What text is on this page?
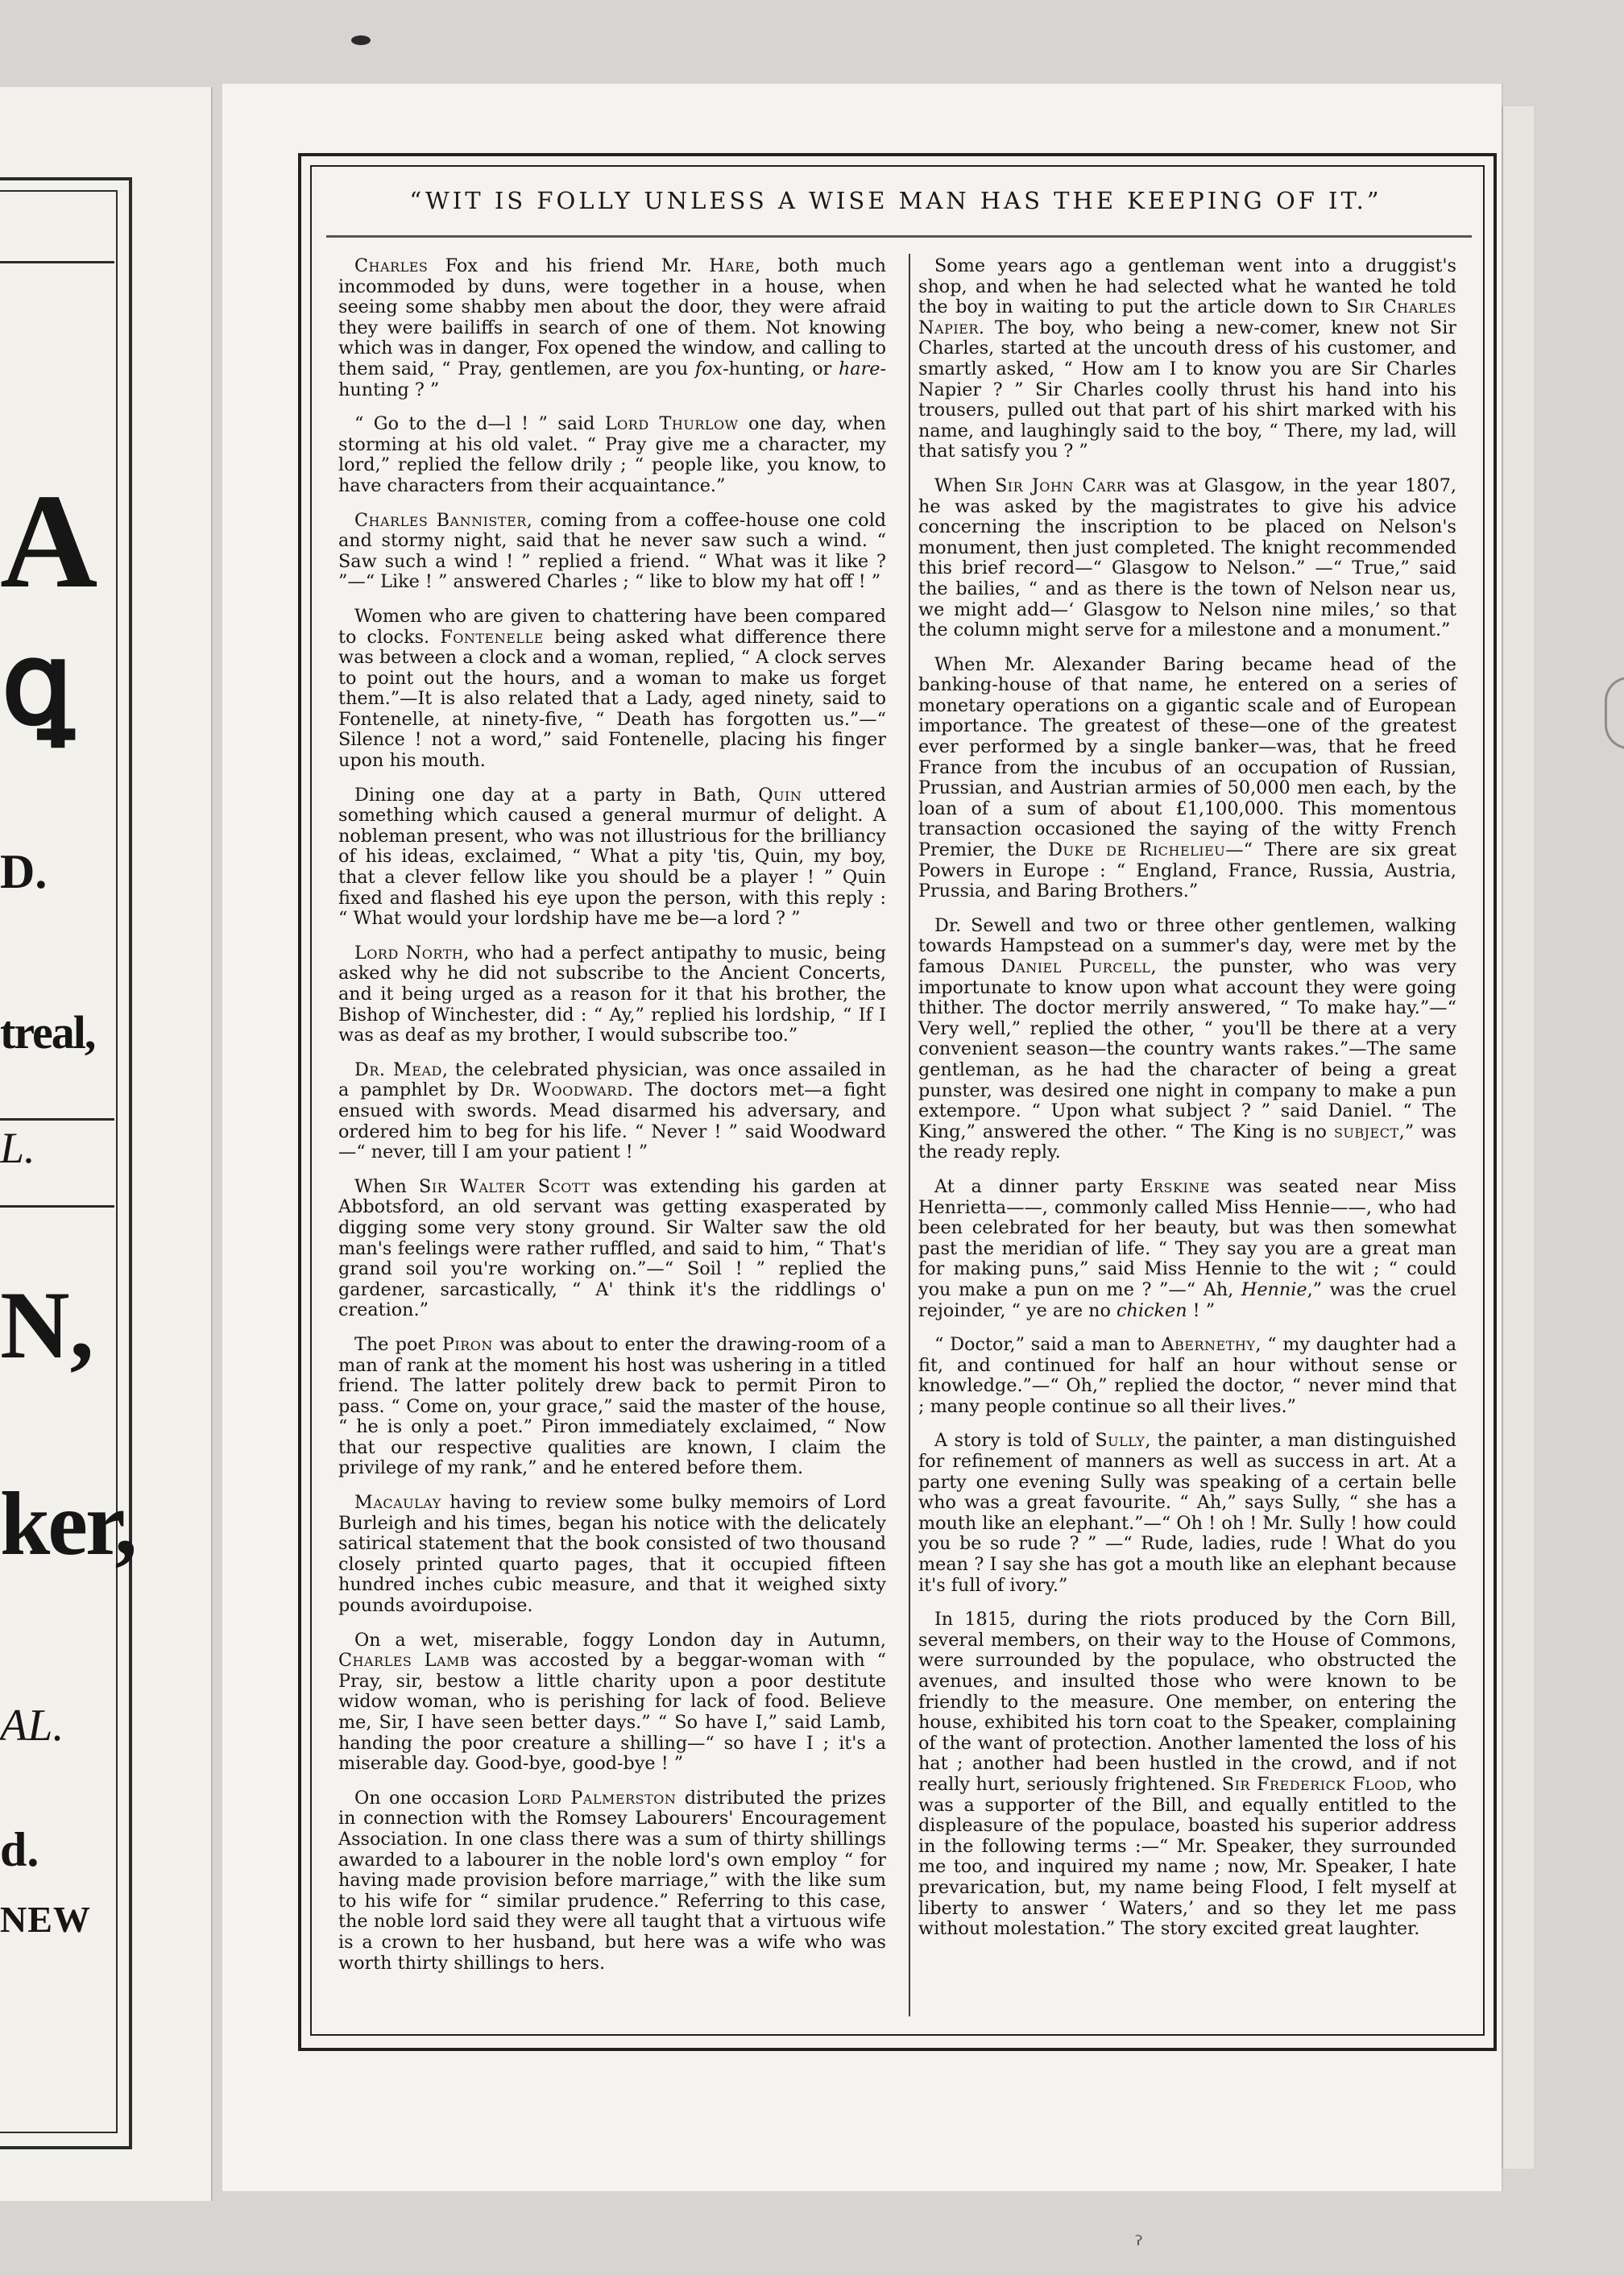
A
ꝗ
D.
treal,
L.
N,
ker,
AL.
d.
NEW
“WIT IS FOLLY UNLESS A WISE MAN HAS THE KEEPING OF IT.”

Charles Fox and his friend Mr. Hare, both much incommoded by duns, were together in a house, when seeing some shabby men about the door, they were afraid they were bailiffs in search of one of them. Not knowing which was in danger, Fox opened the window, and calling to them said, “ Pray, gentlemen, are you fox-hunting, or hare-hunting ? ”

“ Go to the d—l ! ” said Lord Thurlow one day, when storming at his old valet. “ Pray give me a character, my lord,” replied the fellow drily ; “ people like, you know, to have characters from their acquaintance.”

Charles Bannister, coming from a coffee-house one cold and stormy night, said that he never saw such a wind. “ Saw such a wind ! ” replied a friend. “ What was it like ? ”—“ Like ! ” answered Charles ; “ like to blow my hat off ! ”

Women who are given to chattering have been compared to clocks. Fontenelle being asked what difference there was between a clock and a woman, replied, “ A clock serves to point out the hours, and a woman to make us forget them.”—It is also related that a Lady, aged ninety, said to Fontenelle, at ninety-five, “ Death has forgotten us.”—“ Silence ! not a word,” said Fontenelle, placing his finger upon his mouth.

Dining one day at a party in Bath, Quin uttered something which caused a general murmur of delight. A nobleman present, who was not illustrious for the brilliancy of his ideas, exclaimed, “ What a pity 'tis, Quin, my boy, that a clever fellow like you should be a player ! ” Quin fixed and flashed his eye upon the person, with this reply : “ What would your lordship have me be—a lord ? ”

Lord North, who had a perfect antipathy to music, being asked why he did not subscribe to the Ancient Concerts, and it being urged as a reason for it that his brother, the Bishop of Winchester, did : “ Ay,” replied his lordship, “ If I was as deaf as my brother, I would subscribe too.”

Dr. Mead, the celebrated physician, was once assailed in a pamphlet by Dr. Woodward. The doctors met—a fight ensued with swords. Mead disarmed his adversary, and ordered him to beg for his life. “ Never ! ” said Woodward—“ never, till I am your patient ! ”

When Sir Walter Scott was extending his garden at Abbotsford, an old servant was getting exasperated by digging some very stony ground. Sir Walter saw the old man's feelings were rather ruffled, and said to him, “ That's grand soil you're working on.”—“ Soil ! ” replied the gardener, sarcastically, “ A' think it's the riddlings o' creation.”

The poet Piron was about to enter the drawing-room of a man of rank at the moment his host was ushering in a titled friend. The latter politely drew back to permit Piron to pass. “ Come on, your grace,” said the master of the house, “ he is only a poet.” Piron immediately exclaimed, “ Now that our respective qualities are known, I claim the privilege of my rank,” and he entered before them.

Macaulay having to review some bulky memoirs of Lord Burleigh and his times, began his notice with the delicately satirical statement that the book consisted of two thousand closely printed quarto pages, that it occupied fifteen hundred inches cubic measure, and that it weighed sixty pounds avoirdupoise.

On a wet, miserable, foggy London day in Autumn, Charles Lamb was accosted by a beggar-woman with “ Pray, sir, bestow a little charity upon a poor destitute widow woman, who is perishing for lack of food. Believe me, Sir, I have seen better days.” “ So have I,” said Lamb, handing the poor creature a shilling—“ so have I ; it's a miserable day. Good-bye, good-bye ! ”

On one occasion Lord Palmerston distributed the prizes in connection with the Romsey Labourers' Encouragement Association. In one class there was a sum of thirty shillings awarded to a labourer in the noble lord's own employ “ for having made provision before marriage,” with the like sum to his wife for “ similar prudence.” Referring to this case, the noble lord said they were all taught that a virtuous wife is a crown to her husband, but here was a wife who was worth thirty shillings to hers.

Some years ago a gentleman went into a druggist's shop, and when he had selected what he wanted he told the boy in waiting to put the article down to Sir Charles Napier. The boy, who being a new-comer, knew not Sir Charles, started at the uncouth dress of his customer, and smartly asked, “ How am I to know you are Sir Charles Napier ? ” Sir Charles coolly thrust his hand into his trousers, pulled out that part of his shirt marked with his name, and laughingly said to the boy, “ There, my lad, will that satisfy you ? ”

When Sir John Carr was at Glasgow, in the year 1807, he was asked by the magistrates to give his advice concerning the inscription to be placed on Nelson's monument, then just completed. The knight recommended this brief record—“ Glasgow to Nelson.” —“ True,” said the bailies, “ and as there is the town of Nelson near us, we might add—‘ Glasgow to Nelson nine miles,’ so that the column might serve for a milestone and a monument.”

When Mr. Alexander Baring became head of the banking-house of that name, he entered on a series of monetary operations on a gigantic scale and of European importance. The greatest of these—one of the greatest ever performed by a single banker—was, that he freed France from the incubus of an occupation of Russian, Prussian, and Austrian armies of 50,000 men each, by the loan of a sum of about £1,100,000. This momentous transaction occasioned the saying of the witty French Premier, the Duke de Richelieu—“ There are six great Powers in Europe : “ England, France, Russia, Austria, Prussia, and Baring Brothers.”

Dr. Sewell and two or three other gentlemen, walking towards Hampstead on a summer's day, were met by the famous Daniel Purcell, the punster, who was very importunate to know upon what account they were going thither. The doctor merrily answered, “ To make hay.”—“ Very well,” replied the other, “ you'll be there at a very convenient season—the country wants rakes.”—The same gentleman, as he had the character of being a great punster, was desired one night in company to make a pun extempore. “ Upon what subject ? ” said Daniel. “ The King,” answered the other. “ The King is no subject,” was the ready reply.

At a dinner party Erskine was seated near Miss Henrietta——, commonly called Miss Hennie——, who had been celebrated for her beauty, but was then somewhat past the meridian of life. “ They say you are a great man for making puns,” said Miss Hennie to the wit ; “ could you make a pun on me ? ”—“ Ah, Hennie,” was the cruel rejoinder, “ ye are no chicken ! ”

“ Doctor,” said a man to Abernethy, “ my daughter had a fit, and continued for half an hour without sense or knowledge.”—“ Oh,” replied the doctor, “ never mind that ; many people continue so all their lives.”

A story is told of Sully, the painter, a man distinguished for refinement of manners as well as success in art. At a party one evening Sully was speaking of a certain belle who was a great favourite. “ Ah,” says Sully, “ she has a mouth like an elephant.”—“ Oh ! oh ! Mr. Sully ! how could you be so rude ? ” —“ Rude, ladies, rude ! What do you mean ? I say she has got a mouth like an elephant because it's full of ivory.”

In 1815, during the riots produced by the Corn Bill, several members, on their way to the House of Commons, were surrounded by the populace, who obstructed the avenues, and insulted those who were known to be friendly to the measure. One member, on entering the house, exhibited his torn coat to the Speaker, complaining of the want of protection. Another lamented the loss of his hat ; another had been hustled in the crowd, and if not really hurt, seriously frightened. Sir Frederick Flood, who was a supporter of the Bill, and equally entitled to the displeasure of the populace, boasted his superior address in the following terms :—“ Mr. Speaker, they surrounded me too, and inquired my name ; now, Mr. Speaker, I hate prevarication, but, my name being Flood, I felt myself at liberty to answer ‘ Waters,’ and so they let me pass without molestation.” The story excited great laughter.

ˀ
